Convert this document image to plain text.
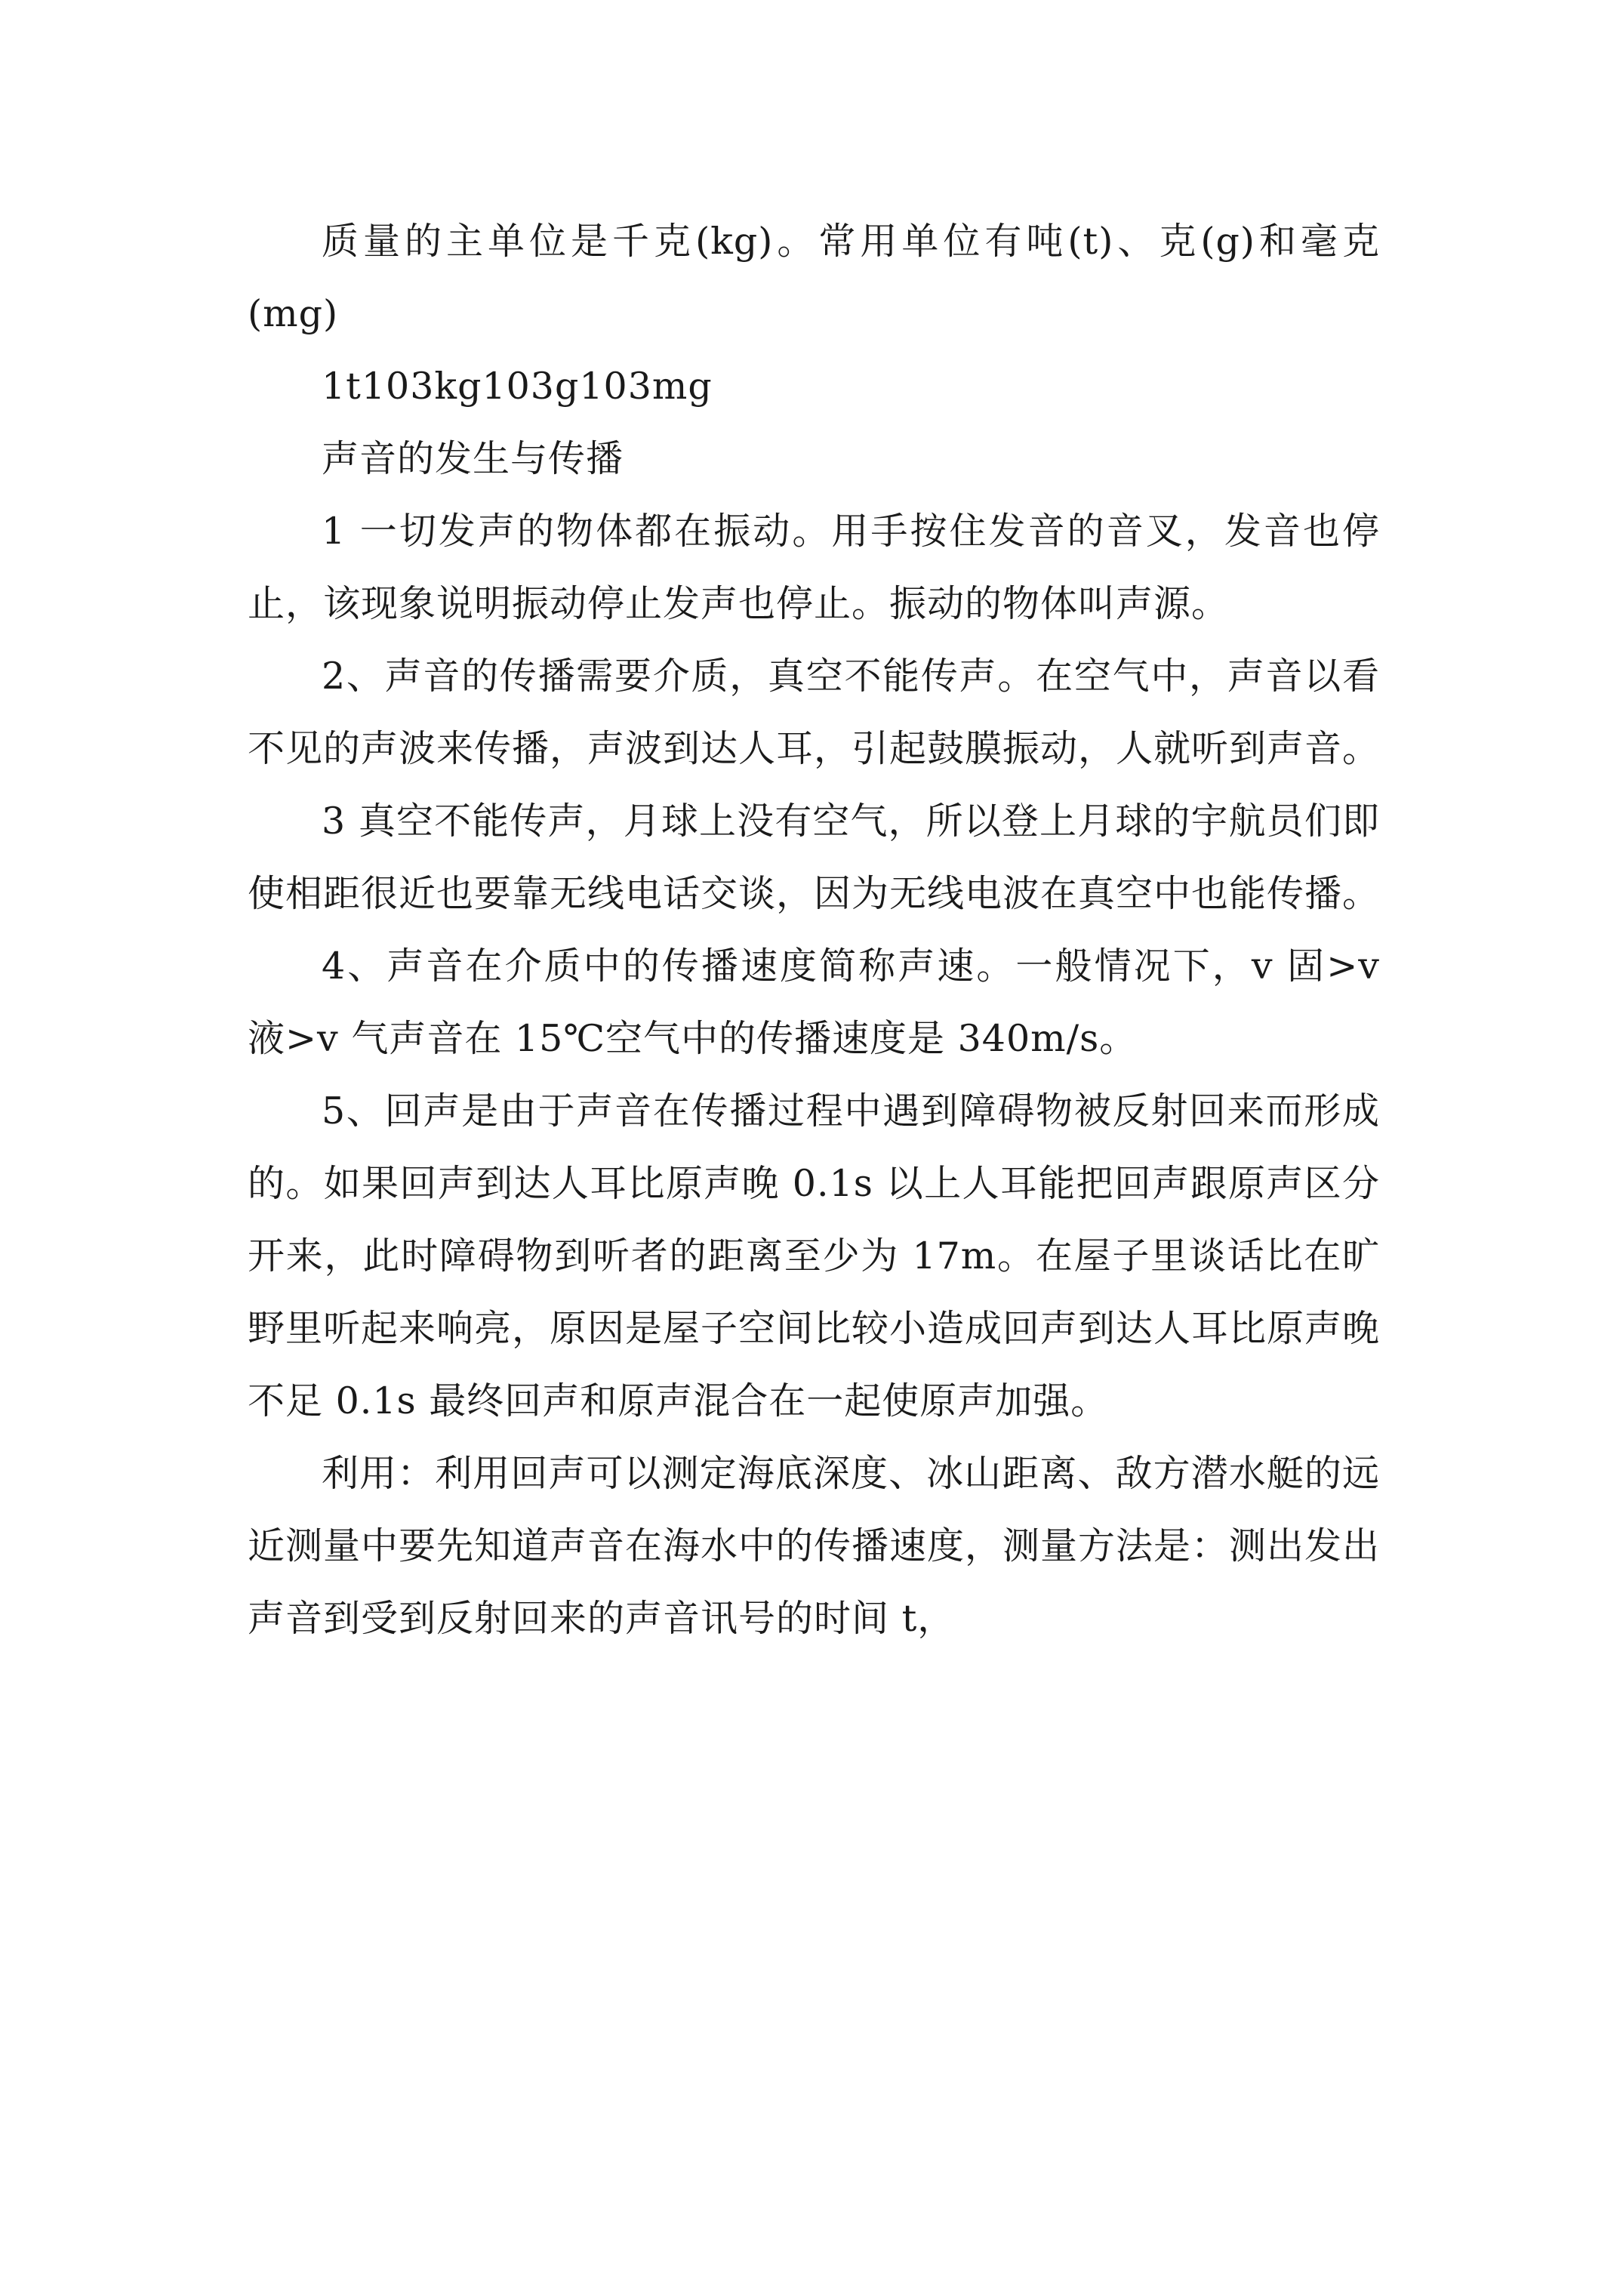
质量的主单位是千克(kg)。常用单位有吨(t)、克(g)和毫克(mg)

1t103kg103g103mg

声音的发生与传播

1 一切发声的物体都在振动。用手按住发音的音叉，发音也停止，该现象说明振动停止发声也停止。振动的物体叫声源。

2、声音的传播需要介质，真空不能传声。在空气中，声音以看不见的声波来传播，声波到达人耳，引起鼓膜振动，人就听到声音。

3 真空不能传声，月球上没有空气，所以登上月球的宇航员们即使相距很近也要靠无线电话交谈，因为无线电波在真空中也能传播。

4、声音在介质中的传播速度简称声速。一般情况下，v 固>v 液>v 气声音在 15℃空气中的传播速度是 340m/s。

5、回声是由于声音在传播过程中遇到障碍物被反射回来而形成的。如果回声到达人耳比原声晚 0.1s 以上人耳能把回声跟原声区分开来，此时障碍物到听者的距离至少为 17m。在屋子里谈话比在旷野里听起来响亮，原因是屋子空间比较小造成回声到达人耳比原声晚不足 0.1s 最终回声和原声混合在一起使原声加强。

利用：利用回声可以测定海底深度、冰山距离、敌方潜水艇的远近测量中要先知道声音在海水中的传播速度，测量方法是：测出发出声音到受到反射回来的声音讯号的时间 t，
